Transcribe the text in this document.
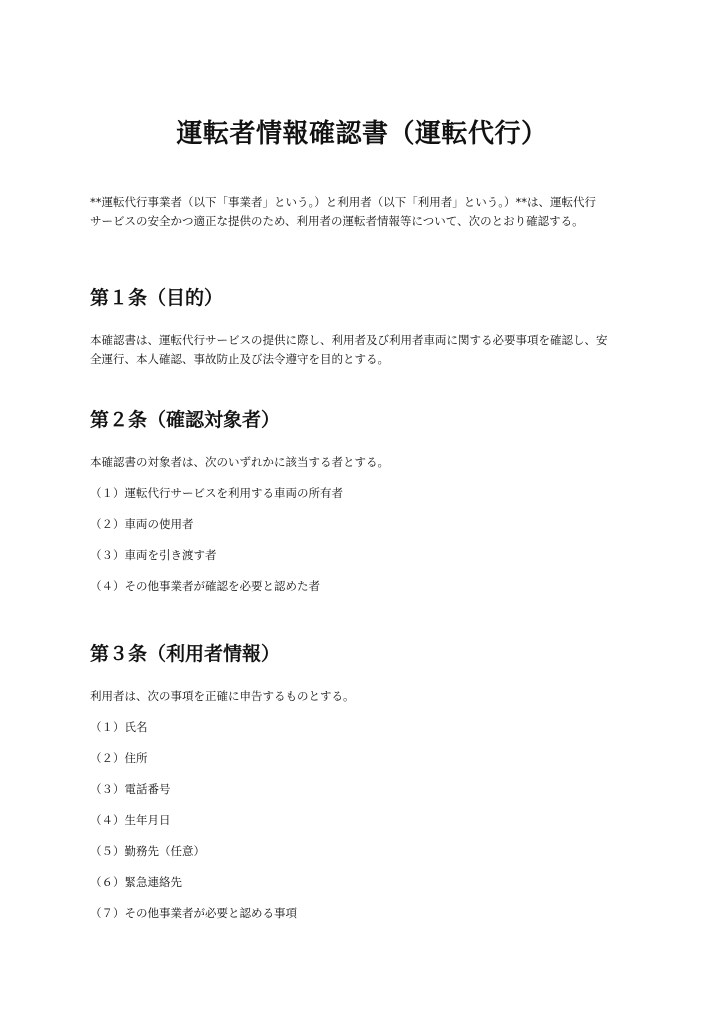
運転者情報確認書（運転代行）
**運転代行事業者（以下「事業者」という。）と利用者（以下「利用者」という。）**は、運転代行
サービスの安全かつ適正な提供のため、利用者の運転者情報等について、次のとおり確認する。
第１条（目的）
本確認書は、運転代行サービスの提供に際し、利用者及び利用者車両に関する必要事項を確認し、安
全運行、本人確認、事故防止及び法令遵守を目的とする。
第２条（確認対象者）
本確認書の対象者は、次のいずれかに該当する者とする。
（１）運転代行サービスを利用する車両の所有者
（２）車両の使用者
（３）車両を引き渡す者
（４）その他事業者が確認を必要と認めた者
第３条（利用者情報）
利用者は、次の事項を正確に申告するものとする。
（１）氏名
（２）住所
（３）電話番号
（４）生年月日
（５）勤務先（任意）
（６）緊急連絡先
（７）その他事業者が必要と認める事項
